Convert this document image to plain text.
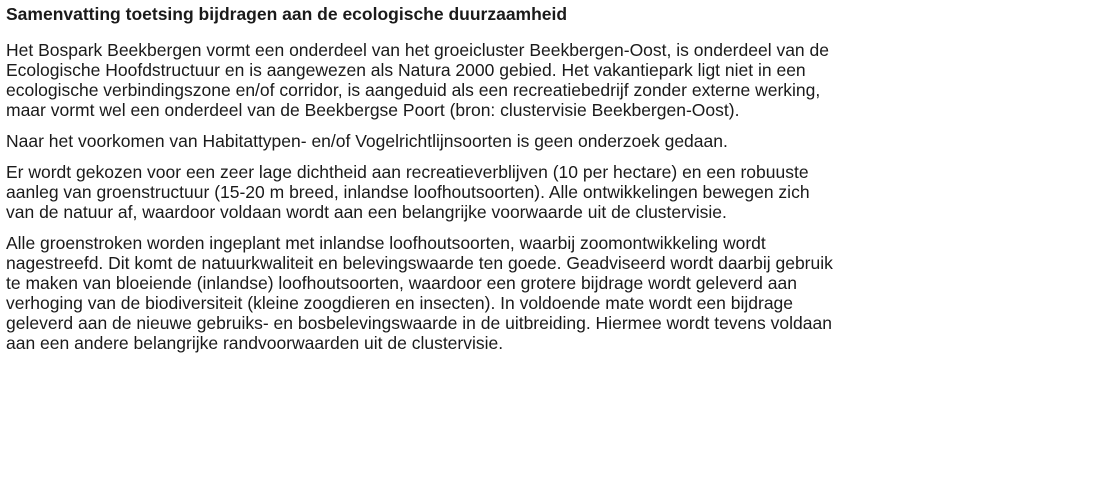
Samenvatting toetsing bijdragen aan de ecologische duurzaamheid

Het Bospark Beekbergen vormt een onderdeel van het groeicluster Beekbergen-Oost, is onderdeel van de
Ecologische Hoofdstructuur en is aangewezen als Natura 2000 gebied. Het vakantiepark ligt niet in een
ecologische verbindingszone en/of corridor, is aangeduid als een recreatiebedrijf zonder externe werking,
maar vormt wel een onderdeel van de Beekbergse Poort (bron: clustervisie Beekbergen-Oost).

Naar het voorkomen van Habitattypen- en/of Vogelrichtlijnsoorten is geen onderzoek gedaan.

Er wordt gekozen voor een zeer lage dichtheid aan recreatieverblijven (10 per hectare) en een robuuste
aanleg van groenstructuur (15-20 m breed, inlandse loofhoutsoorten). Alle ontwikkelingen bewegen zich
van de natuur af, waardoor voldaan wordt aan een belangrijke voorwaarde uit de clustervisie.

Alle groenstroken worden ingeplant met inlandse loofhoutsoorten, waarbij zoomontwikkeling wordt
nagestreefd. Dit komt de natuurkwaliteit en belevingswaarde ten goede. Geadviseerd wordt daarbij gebruik
te maken van bloeiende (inlandse) loofhoutsoorten, waardoor een grotere bijdrage wordt geleverd aan
verhoging van de biodiversiteit (kleine zoogdieren en insecten). In voldoende mate wordt een bijdrage
geleverd aan de nieuwe gebruiks- en bosbelevingswaarde in de uitbreiding. Hiermee wordt tevens voldaan
aan een andere belangrijke randvoorwaarden uit de clustervisie.
